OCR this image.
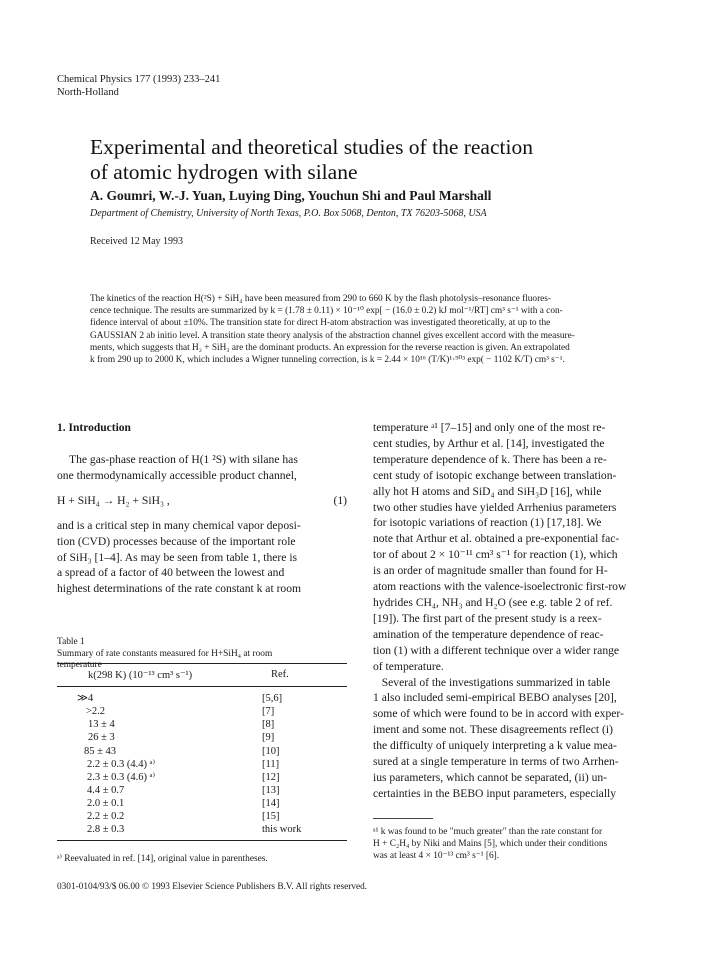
Chemical Physics 177 (1993) 233–241
North-Holland
Experimental and theoretical studies of the reaction
of atomic hydrogen with silane
A. Goumri, W.-J. Yuan, Luying Ding, Youchun Shi and Paul Marshall
Department of Chemistry, University of North Texas, P.O. Box 5068, Denton, TX 76203-5068, USA
Received 12 May 1993
The kinetics of the reaction H(²S) + SiH₄ have been measured from 290 to 660 K by the flash photolysis–resonance fluores-
cence technique. The results are summarized by k = (1.78 ± 0.11) × 10⁻¹⁰ exp[ − (16.0 ± 0.2) kJ mol⁻¹/RT] cm³ s⁻¹ with a con-
fidence interval of about ±10%. The transition state for direct H-atom abstraction was investigated theoretically, at up to the
GAUSSIAN 2 ab initio level. A transition state theory analysis of the abstraction channel gives excellent accord with the measure-
ments, which suggests that H₂ + SiH₃ are the dominant products. An expression for the reverse reaction is given. An extrapolated
k from 290 up to 2000 K, which includes a Wigner tunneling correction, is k = 2.44 × 10¹⁶ (T/K)¹·⁹⁰³ exp( − 1102 K/T) cm³ s⁻¹.
1. Introduction
The gas-phase reaction of H(1 ²S) with silane has
one thermodynamically accessible product channel,
H + SiH₄ → H₂ + SiH₃ ,	(1)
and is a critical step in many chemical vapor deposi-
tion (CVD) processes because of the important role
of SiH₃ [1–4]. As may be seen from table 1, there is
a spread of a factor of 40 between the lowest and
highest determinations of the rate constant k at room
Table 1
Summary of rate constants measured for H+SiH₄ at room
temperature
k(298 K) (10⁻¹³ cm³ s⁻¹)	Ref.
≫4	[5,6]
>2.2	[7]
13 ± 4	[8]
26 ± 3	[9]
85 ± 43	[10]
2.2 ± 0.3 (4.4) ᵃ⁾	[11]
2.3 ± 0.3 (4.6) ᵃ⁾	[12]
4.4 ± 0.7	[13]
2.0 ± 0.1	[14]
2.2 ± 0.2	[15]
2.8 ± 0.3	this work
ᵃ⁾ Reevaluated in ref. [14], original value in parentheses.
temperature ᵃ¹ [7–15] and only one of the most re-
cent studies, by Arthur et al. [14], investigated the
temperature dependence of k. There has been a re-
cent study of isotopic exchange between translation-
ally hot H atoms and SiD₄ and SiH₃D [16], while
two other studies have yielded Arrhenius parameters
for isotopic variations of reaction (1) [17,18]. We
note that Arthur et al. obtained a pre-exponential fac-
tor of about 2 × 10⁻¹¹ cm³ s⁻¹ for reaction (1), which
is an order of magnitude smaller than found for H-
atom reactions with the valence-isoelectronic first-row
hydrides CH₄, NH₃ and H₂O (see e.g. table 2 of ref.
[19]). The first part of the present study is a reex-
amination of the temperature dependence of reac-
tion (1) with a different technique over a wider range
of temperature.
Several of the investigations summarized in table
1 also included semi-empirical BEBO analyses [20],
some of which were found to be in accord with exper-
iment and some not. These disagreements reflect (i)
the difficulty of uniquely interpreting a k value mea-
sured at a single temperature in terms of two Arrhen-
ius parameters, which cannot be separated, (ii) un-
certainties in the BEBO input parameters, especially
ᵃ¹ k was found to be "much greater" than the rate constant for
H + C₂H₄ by Niki and Mains [5], which under their conditions
was at least 4 × 10⁻¹³ cm³ s⁻¹ [6].
0301-0104/93/$ 06.00 © 1993 Elsevier Science Publishers B.V. All rights reserved.
